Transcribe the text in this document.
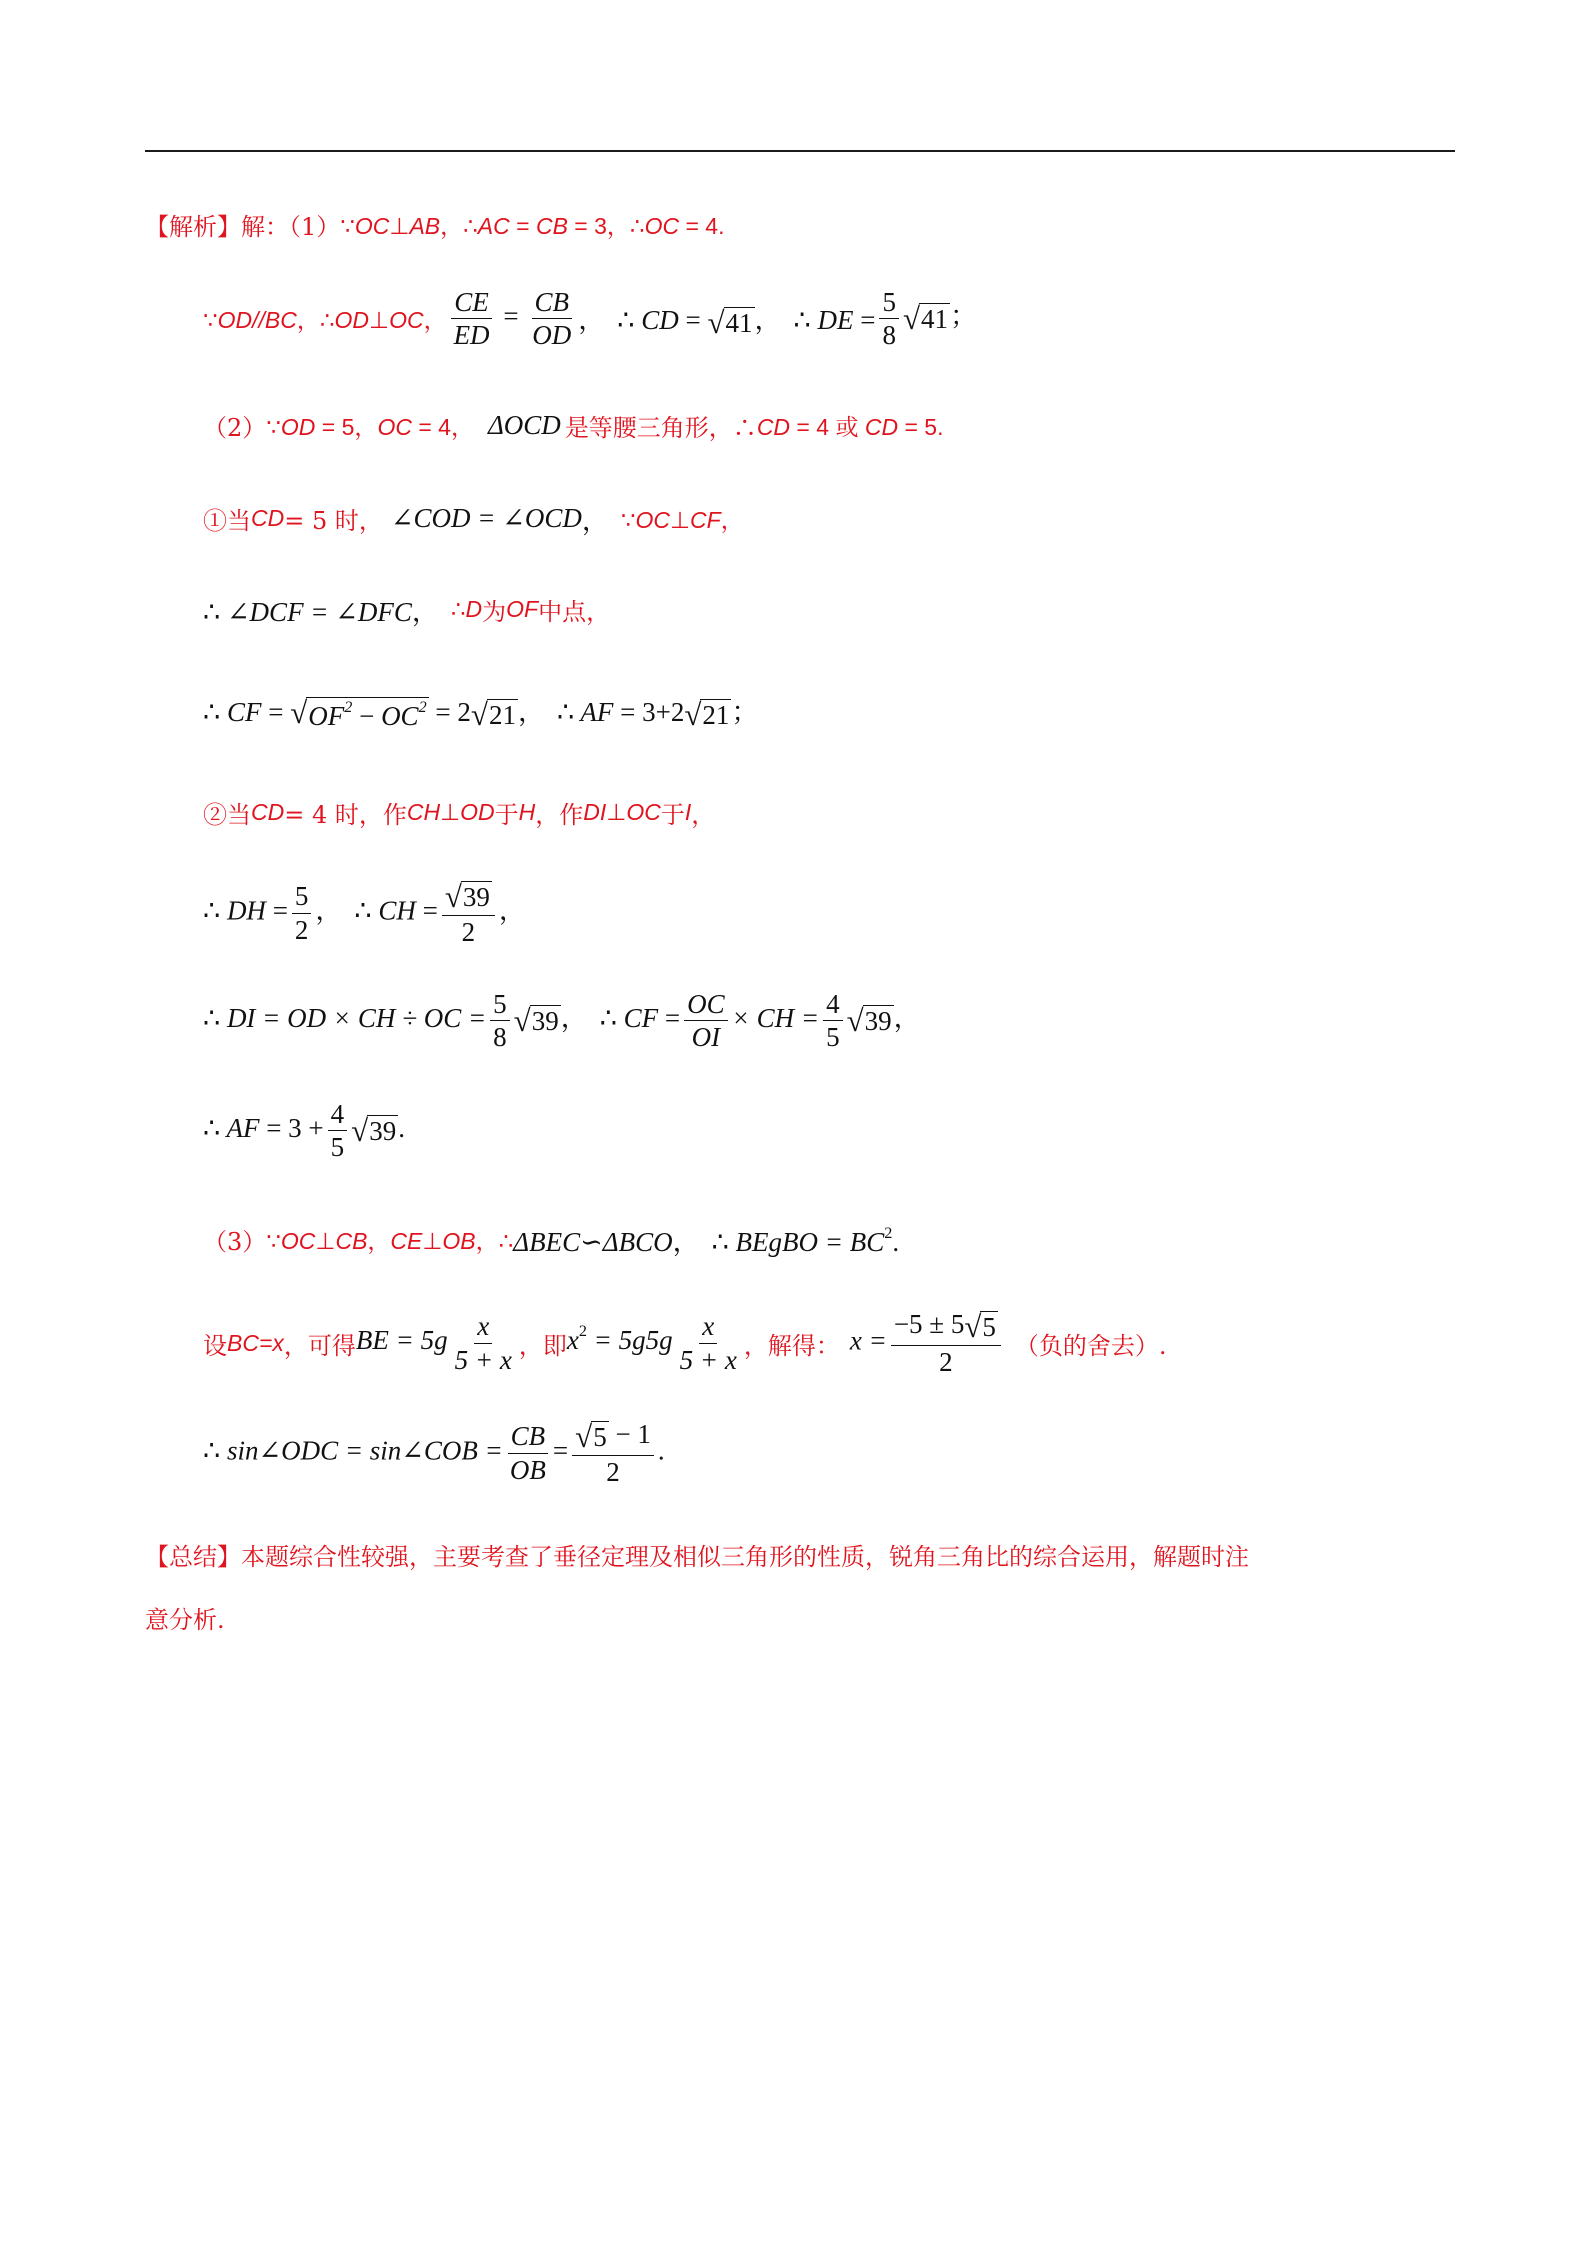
【解析】 解：（1） ∵OC⊥AB，∴AC = CB = 3，∴OC = 4.
∵OD//BC，∴OD⊥OC， $\frac{CE}{ED} = \frac{CB}{OD}$ ， ∴ CD = √ 41 ， ∴ DE = $\frac{5}{8}$ √ 41 ；
（2） ∵OD = 5，OC = 4， ΔOCD 是等腰三角形，∴ CD = 4 或 CD = 5.
①当 CD = 5 时， ∠COD = ∠OCD ， ∵OC⊥CF，
∴ ∠DCF = ∠DFC， ∴D 为 OF 中点，
∴ CF = √ $OF^2 - OC^2 = 2$ √ 21 ， ∴ AF = 3+2 √ 21 ；
②当 CD = 4 时，作 CH⊥OD 于 H ，作 DI⊥OC 于 I ，
∴ DH = $\frac{5}{2}$ ， ∴ CH = $\frac{√ 39}{2}$ ，
∴ DI = OD × CH ÷ OC = $\frac{5}{8}$ √ 39 ， ∴ CF = $\frac{OC}{OI}$ × CH = $\frac{4}{5}$ √ 39 ，
∴ AF = $3 + \frac{4}{5}$ √ 39 .
（3） ∵OC⊥CB，CE⊥OB，∴ ΔBEC∽ΔBCO， ∴ BEgBO = $BC^2$.
设 BC=x ，可得 BE = $5g \frac{x}{5 + x}$ ，即 $x^2 = 5g5g \frac{x}{5 + x}$ ，解得： $x = \frac{-5 \pm 5 √ 5}{2}$ （负的舍去）.
∴ sin∠ODC = sin∠COB = $\frac{CB}{OB} = \frac{√ 5 - 1}{2}$ .
【总结】 本题综合性较强，主要考查了垂径定理及相似三角形的性质，锐角三角比的综合运用，解题时注
意分析.
